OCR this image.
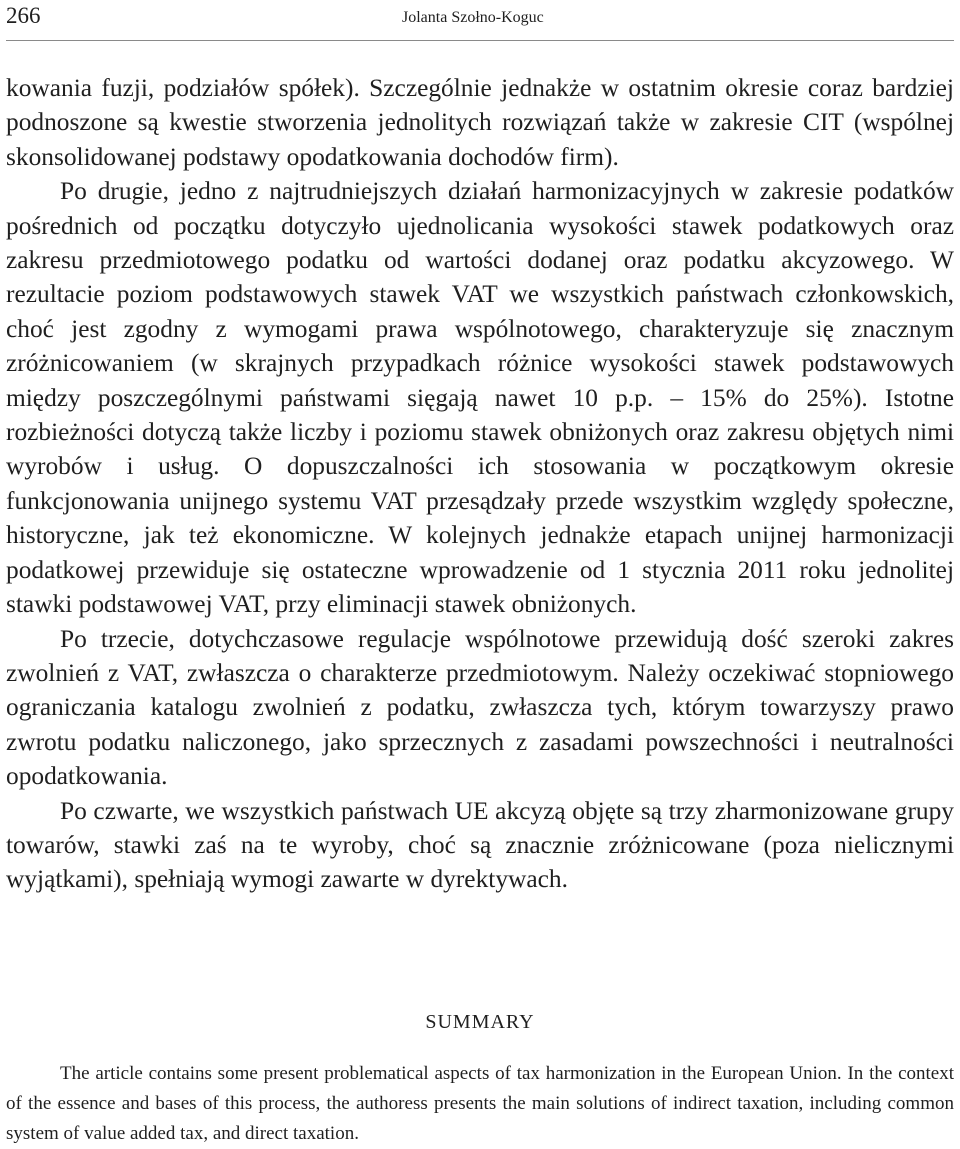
266	Jolanta Szołno-Koguc

kowania fuzji, podziałów spółek). Szczególnie jednakże w ostatnim okresie coraz bardziej podnoszone są kwestie stworzenia jednolitych rozwiązań także w zakresie CIT (wspólnej skonsolidowanej podstawy opodatkowania dochodów firm).

Po drugie, jedno z najtrudniejszych działań harmonizacyjnych w zakresie podatków pośrednich od początku dotyczyło ujednolicania wysokości stawek podatkowych oraz zakresu przedmiotowego podatku od wartości dodanej oraz podatku akcyzowego. W rezultacie poziom podstawowych stawek VAT we wszystkich państwach członkowskich, choć jest zgodny z wymogami prawa wspólnotowego, charakteryzuje się znacznym zróżnicowaniem (w skrajnych przypadkach różnice wysokości stawek podstawowych między poszczególnymi państwami sięgają nawet 10 p.p. – 15% do 25%). Istotne rozbieżności dotyczą także liczby i poziomu stawek obniżonych oraz zakresu objętych nimi wyrobów i usług. O dopuszczalności ich stosowania w początkowym okresie funkcjonowania unijnego systemu VAT przesądzały przede wszystkim względy społeczne, historyczne, jak też ekonomiczne. W kolejnych jednakże etapach unijnej harmonizacji podatkowej przewiduje się ostateczne wprowadzenie od 1 stycznia 2011 roku jednolitej stawki podstawowej VAT, przy eliminacji stawek obniżonych.

Po trzecie, dotychczasowe regulacje wspólnotowe przewidują dość szeroki zakres zwolnień z VAT, zwłaszcza o charakterze przedmiotowym. Należy oczekiwać stopniowego ograniczania katalogu zwolnień z podatku, zwłaszcza tych, którym towarzyszy prawo zwrotu podatku naliczonego, jako sprzecznych z zasadami powszechności i neutralności opodatkowania.

Po czwarte, we wszystkich państwach UE akcyzą objęte są trzy zharmonizowane grupy towarów, stawki zaś na te wyroby, choć są znacznie zróżnicowane (poza nielicznymi wyjątkami), spełniają wymogi zawarte w dyrektywach.

SUMMARY

The article contains some present problematical aspects of tax harmonization in the European Union. In the context of the essence and bases of this process, the authoress presents the main solutions of indirect taxation, including common system of value added tax, and direct taxation.
